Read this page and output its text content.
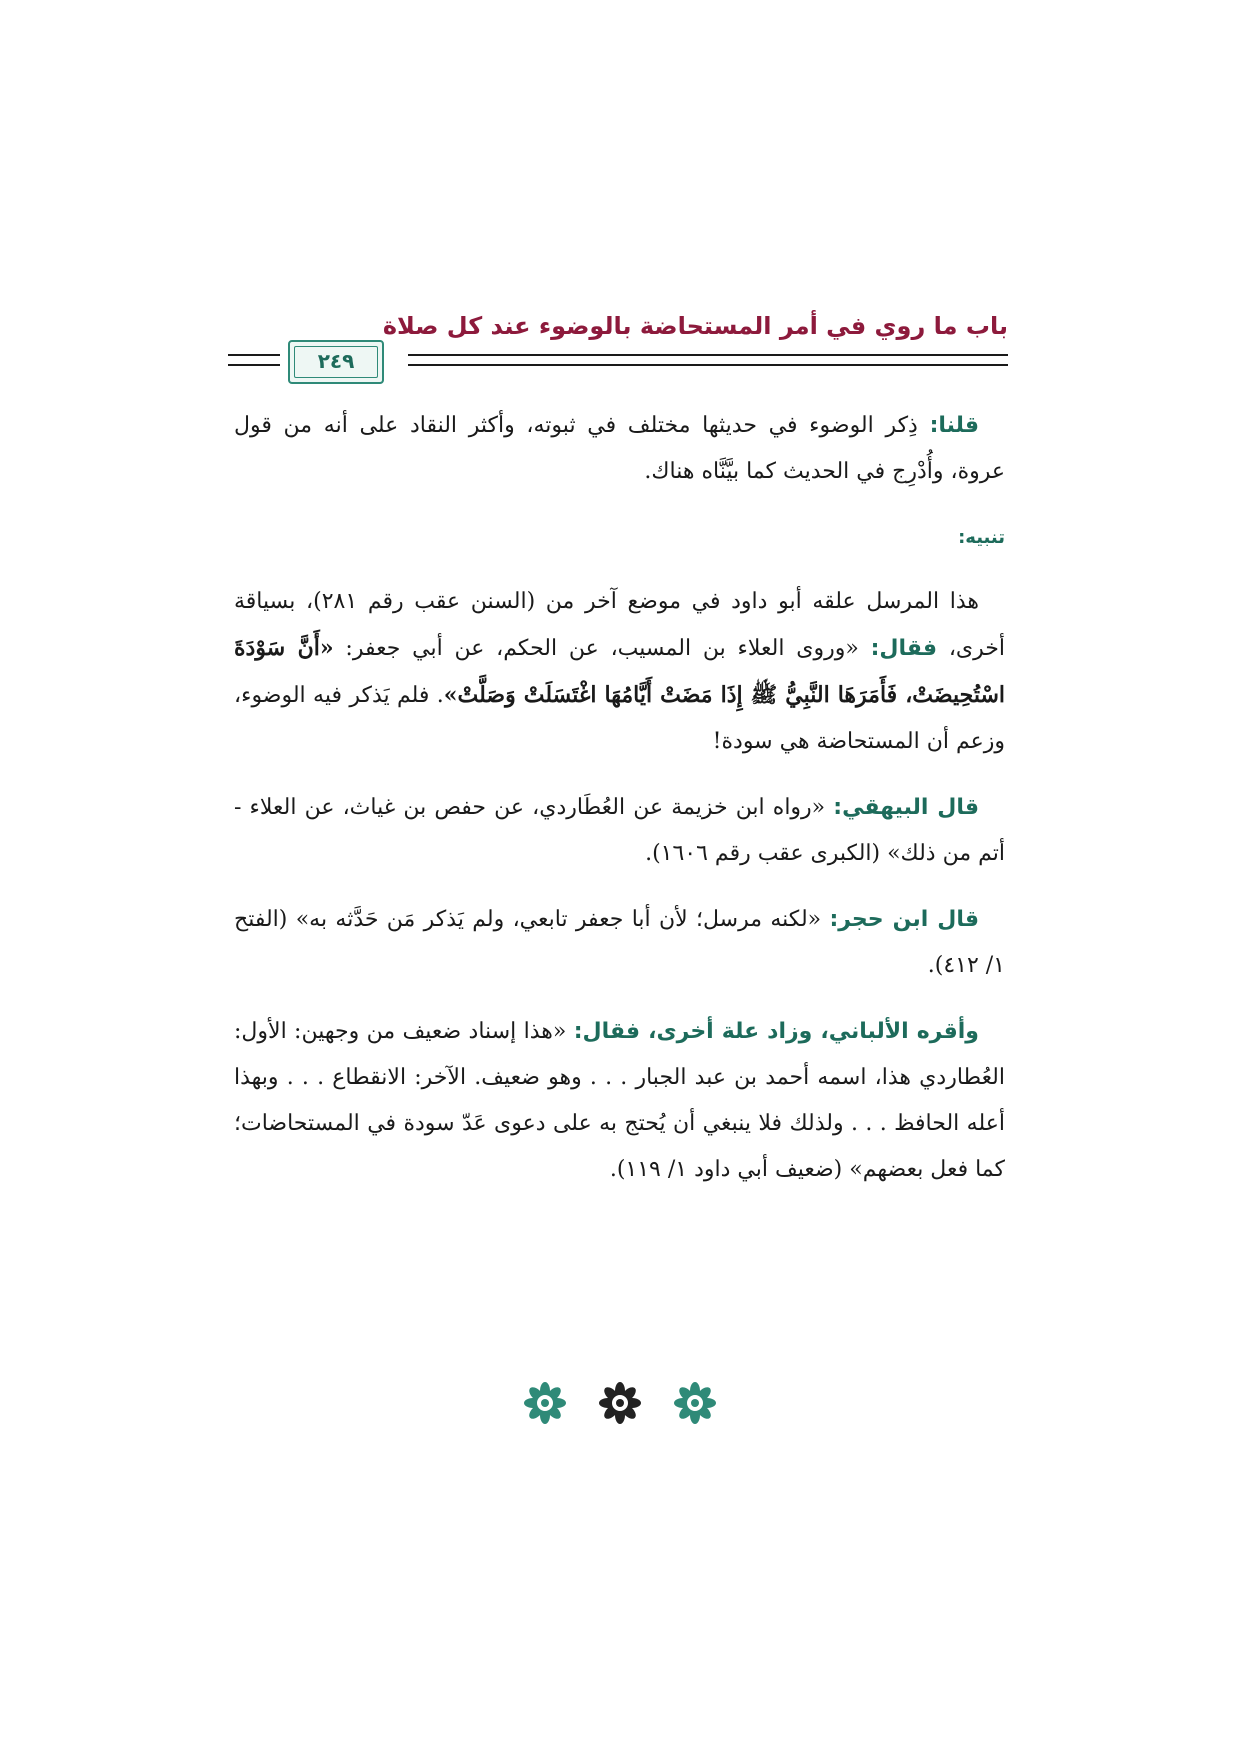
باب ما روي في أمر المستحاضة بالوضوء عند كل صلاة
٢٤٩

قلنا: ذِكر الوضوء في حديثها مختلف في ثبوته، وأكثر النقاد على أنه من قول عروة، وأُدْرِج في الحديث كما بيَّنَّاه هناك.

تنبيه:

هذا المرسل علقه أبو داود في موضع آخر من (السنن عقب رقم ٢٨١)، بسياقة أخرى، فقال: «وروى العلاء بن المسيب، عن الحكم، عن أبي جعفر: «أَنَّ سَوْدَةَ اسْتُحِيضَتْ، فَأَمَرَهَا النَّبِيُّ ﷺ إِذَا مَضَتْ أَيَّامُهَا اغْتَسَلَتْ وَصَلَّتْ». فلم يَذكر فيه الوضوء، وزعم أن المستحاضة هي سودة!

قال البيهقي: «رواه ابن خزيمة عن العُطَاردي، عن حفص بن غياث، عن العلاء - أتم من ذلك» (الكبرى عقب رقم ١٦٠٦).

قال ابن حجر: «لكنه مرسل؛ لأن أبا جعفر تابعي، ولم يَذكر مَن حَدَّثه به» (الفتح ١/ ٤١٢).

وأقره الألباني، وزاد علة أخرى، فقال: «هذا إسناد ضعيف من وجهين: الأول: العُطاردي هذا، اسمه أحمد بن عبد الجبار . . . وهو ضعيف. الآخر: الانقطاع . . . وبهذا أعله الحافظ . . . ولذلك فلا ينبغي أن يُحتج به على دعوى عَدّ سودة في المستحاضات؛ كما فعل بعضهم» (ضعيف أبي داود ١/ ١١٩).
